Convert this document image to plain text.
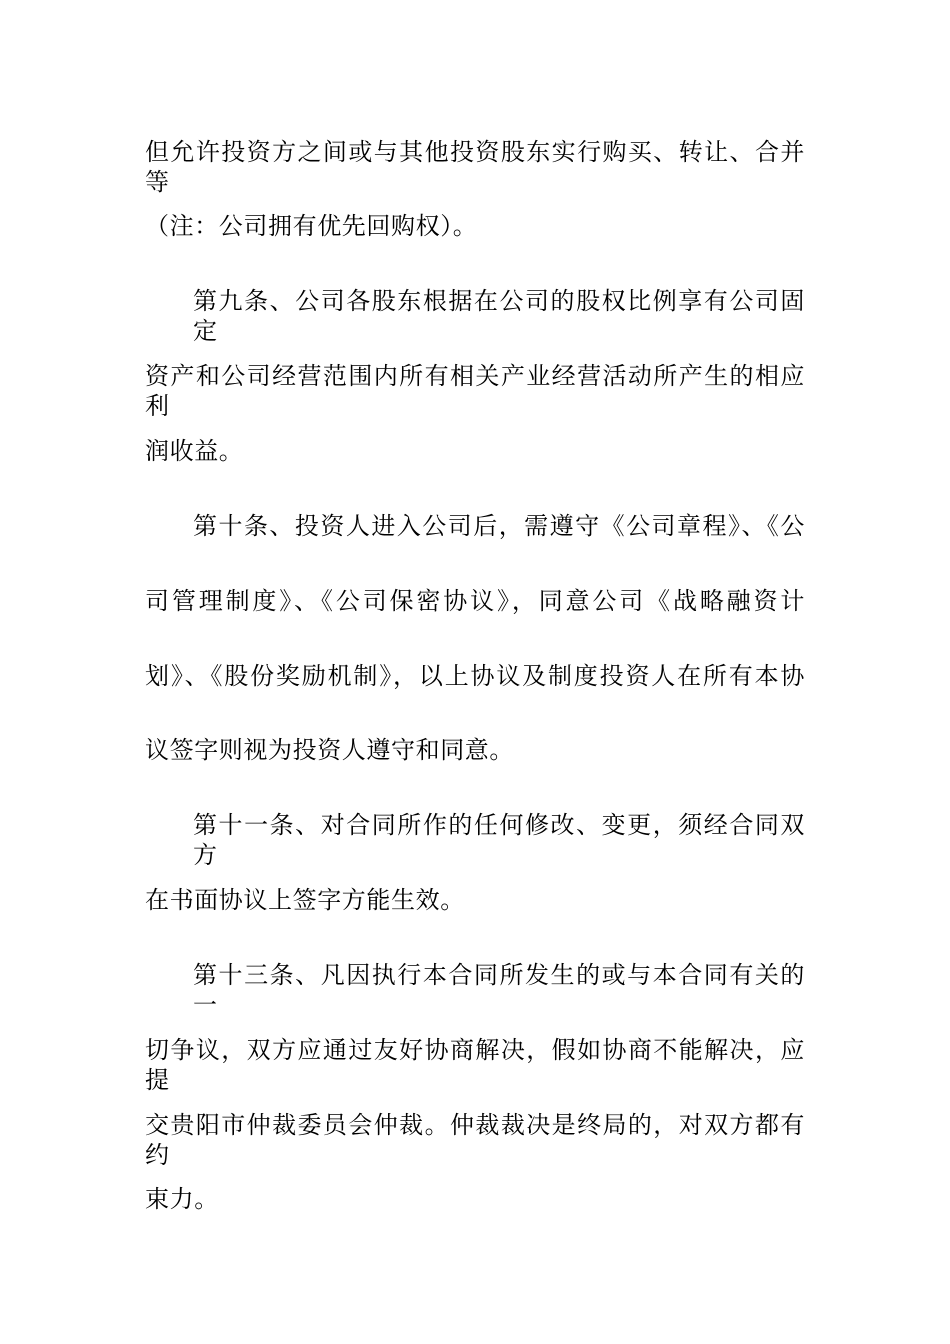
但允许投资方之间或与其他投资股东实行购买、转让、合并等
（注：公司拥有优先回购权）。
第九条、公司各股东根据在公司的股权比例享有公司固定
资产和公司经营范围内所有相关产业经营活动所产生的相应利
润收益。
第十条、投资人进入公司后，需遵守《公司章程》、《公
司管理制度》、《公司保密协议》，同意公司《战略融资计
划》、《股份奖励机制》，以上协议及制度投资人在所有本协
议签字则视为投资人遵守和同意。
第十一条、对合同所作的任何修改、变更，须经合同双方
在书面协议上签字方能生效。
第十三条、凡因执行本合同所发生的或与本合同有关的一
切争议，双方应通过友好协商解决，假如协商不能解决，应提
交贵阳市仲裁委员会仲裁。仲裁裁决是终局的，对双方都有约
束力。
